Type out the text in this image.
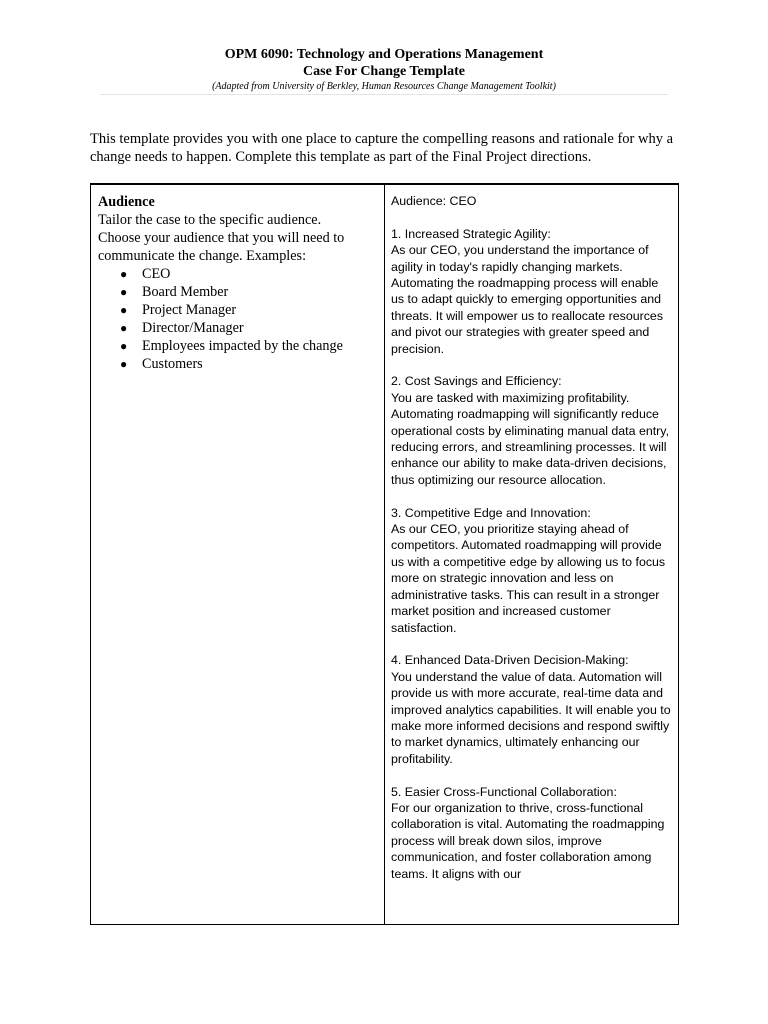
OPM 6090: Technology and Operations Management
Case For Change Template
(Adapted from University of Berkley, Human Resources Change Management Toolkit)

This template provides you with one place to capture the compelling reasons and rationale for why a change needs to happen. Complete this template as part of the Final Project directions.

Audience

Tailor the case to the specific audience.

Choose your audience that you will need to communicate the change. Examples:

● CEO
● Board Member
● Project Manager
● Director/Manager
● Employees impacted by the change
● Customers

Audience: CEO

1. Increased Strategic Agility:

As our CEO, you understand the importance of agility in today's rapidly changing markets. Automating the roadmapping process will enable us to adapt quickly to emerging opportunities and threats. It will empower us to reallocate resources and pivot our strategies with greater speed and precision.

2. Cost Savings and Efficiency:

You are tasked with maximizing profitability. Automating roadmapping will significantly reduce operational costs by eliminating manual data entry, reducing errors, and streamlining processes. It will enhance our ability to make data-driven decisions, thus optimizing our resource allocation.

3. Competitive Edge and Innovation:

As our CEO, you prioritize staying ahead of competitors. Automated roadmapping will provide us with a competitive edge by allowing us to focus more on strategic innovation and less on administrative tasks. This can result in a stronger market position and increased customer satisfaction.

4. Enhanced Data-Driven Decision-Making:

You understand the value of data. Automation will provide us with more accurate, real-time data and improved analytics capabilities. It will enable you to make more informed decisions and respond swiftly to market dynamics, ultimately enhancing our profitability.

5. Easier Cross-Functional Collaboration:

For our organization to thrive, cross-functional collaboration is vital. Automating the roadmapping process will break down silos, improve communication, and foster collaboration among teams. It aligns with our
